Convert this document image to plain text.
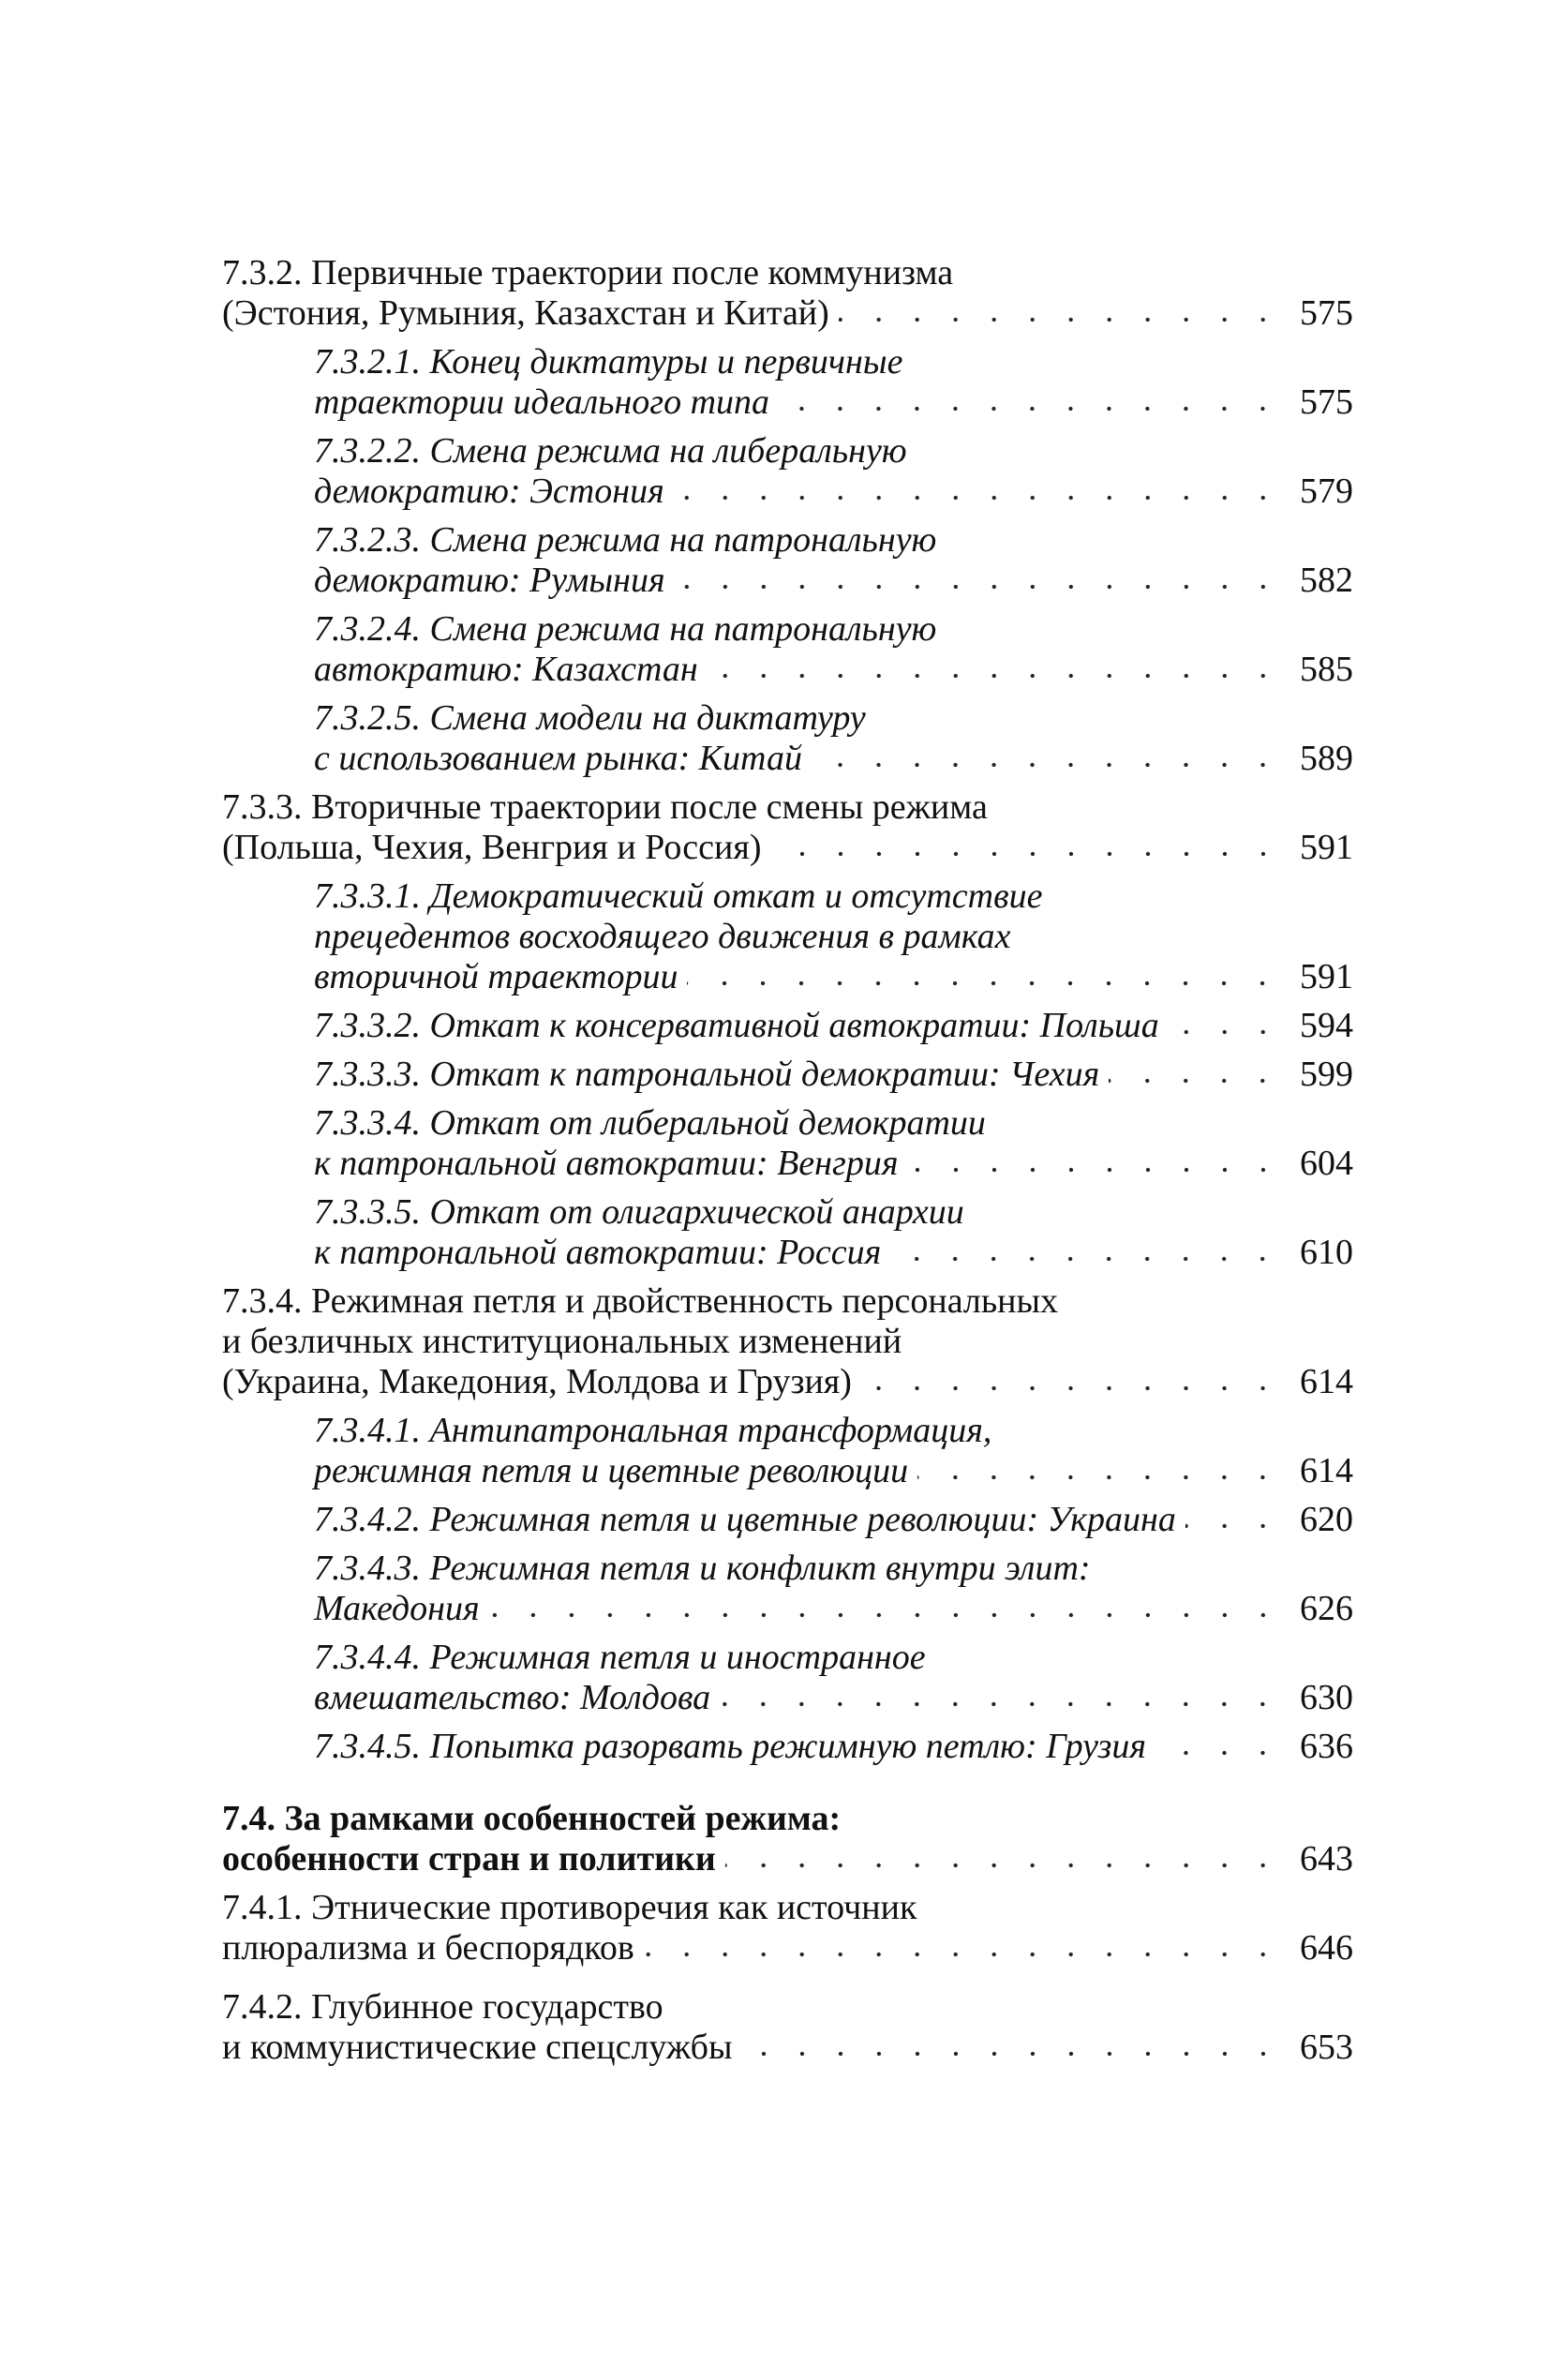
7.3.2. Первичные траектории после коммунизма
(Эстония, Румыния, Казахстан и Китай)	575
7.3.2.1. Конец диктатуры и первичные
траектории идеального типа	575
7.3.2.2. Смена режима на либеральную
демократию: Эстония	579
7.3.2.3. Смена режима на патрональную
демократию: Румыния	582
7.3.2.4. Смена режима на патрональную
автократию: Казахстан	585
7.3.2.5. Смена модели на диктатуру
с использованием рынка: Китай	589
7.3.3. Вторичные траектории после смены режима
(Польша, Чехия, Венгрия и Россия)	591
7.3.3.1. Демократический откат и отсутствие
прецедентов восходящего движения в рамках
вторичной траектории	591
7.3.3.2. Откат к консервативной автократии: Польша	594
7.3.3.3. Откат к патрональной демократии: Чехия	599
7.3.3.4. Откат от либеральной демократии
к патрональной автократии: Венгрия	604
7.3.3.5. Откат от олигархической анархии
к патрональной автократии: Россия	610
7.3.4. Режимная петля и двойственность персональных
и безличных институциональных изменений
(Украина, Македония, Молдова и Грузия)	614
7.3.4.1. Антипатрональная трансформация,
режимная петля и цветные революции	614
7.3.4.2. Режимная петля и цветные революции: Украина	620
7.3.4.3. Режимная петля и конфликт внутри элит:
Македония	626
7.3.4.4. Режимная петля и иностранное
вмешательство: Молдова	630
7.3.4.5. Попытка разорвать режимную петлю: Грузия	636
7.4. За рамками особенностей режима:
особенности стран и политики	643
7.4.1. Этнические противоречия как источник
плюрализма и беспорядков	646
7.4.2. Глубинное государство
и коммунистические спецслужбы	653
